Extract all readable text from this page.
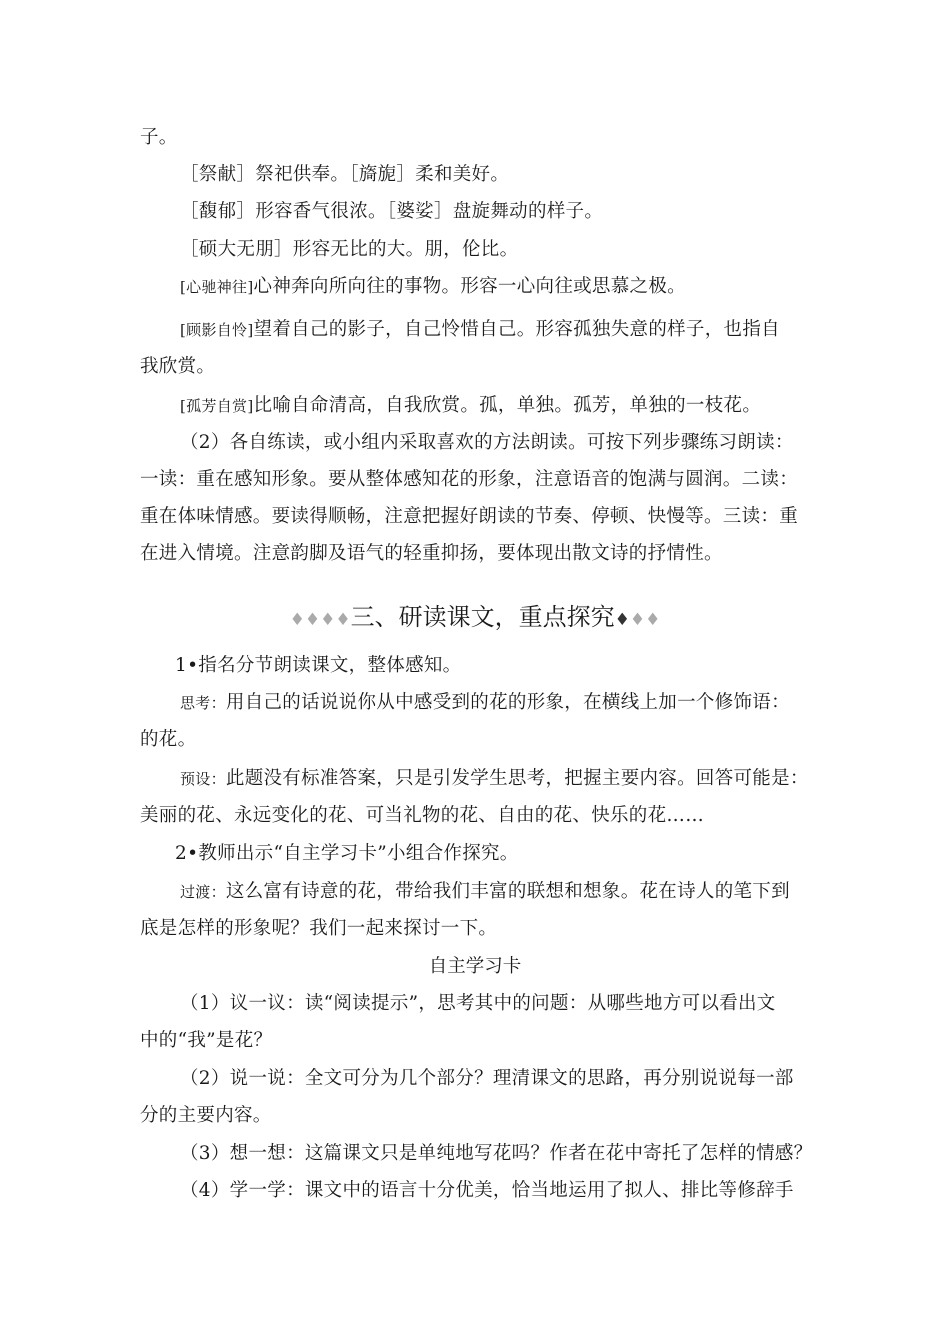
子。
［祭献］祭祀供奉。［旖旎］柔和美好。
［馥郁］形容香气很浓。［婆娑］盘旋舞动的样子。
［硕大无朋］形容无比的大。朋，伦比。
[心驰神往]心神奔向所向往的事物。形容一心向往或思慕之极。
[顾影自怜]望着自己的影子，自己怜惜自己。形容孤独失意的样子，也指自
我欣赏。
[孤芳自赏]比喻自命清高，自我欣赏。孤，单独。孤芳，单独的一枝花。
（2）各自练读，或小组内采取喜欢的方法朗读。可按下列步骤练习朗读：
一读：重在感知形象。要从整体感知花的形象，注意语音的饱满与圆润。二读：
重在体味情感。要读得顺畅，注意把握好朗读的节奏、停顿、快慢等。三读：重
在进入情境。注意韵脚及语气的轻重抑扬，要体现出散文诗的抒情性。
♦♦♦♦三、研读课文，重点探究♦♦♦
1•指名分节朗读课文，整体感知。
思考：用自己的话说说你从中感受到的花的形象，在横线上加一个修饰语：
的花。
预设：此题没有标准答案，只是引发学生思考，把握主要内容。回答可能是：
美丽的花、永远变化的花、可当礼物的花、自由的花、快乐的花……
2•教师出示“自主学习卡”小组合作探究。
过渡：这么富有诗意的花，带给我们丰富的联想和想象。花在诗人的笔下到
底是怎样的形象呢？我们一起来探讨一下。
自主学习卡
（1）议一议：读“阅读提示”，思考其中的问题：从哪些地方可以看出文
中的“我”是花？
（2）说一说：全文可分为几个部分？理清课文的思路，再分别说说每一部
分的主要内容。
（3）想一想：这篇课文只是单纯地写花吗？作者在花中寄托了怎样的情感？
（4）学一学：课文中的语言十分优美，恰当地运用了拟人、排比等修辞手
